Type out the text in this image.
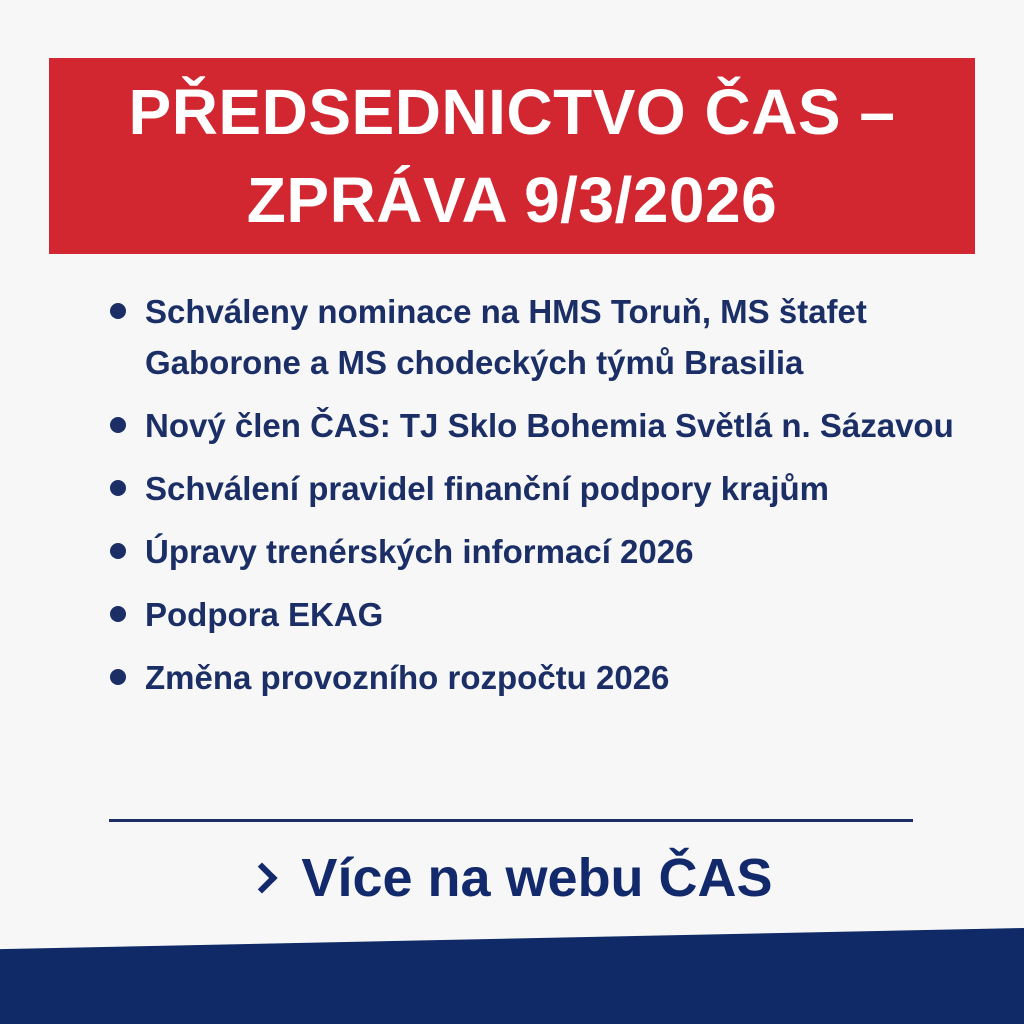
PŘEDSEDNICTVO ČAS –
ZPRÁVA 9/3/2026
Schváleny nominace na HMS Toruň, MS štafet Gaborone a MS chodeckých týmů Brasilia
Nový člen ČAS: TJ Sklo Bohemia Světlá n. Sázavou
Schválení pravidel finanční podpory krajům
Úpravy trenérských informací 2026
Podpora EKAG
Změna provozního rozpočtu 2026
Více na webu ČAS
